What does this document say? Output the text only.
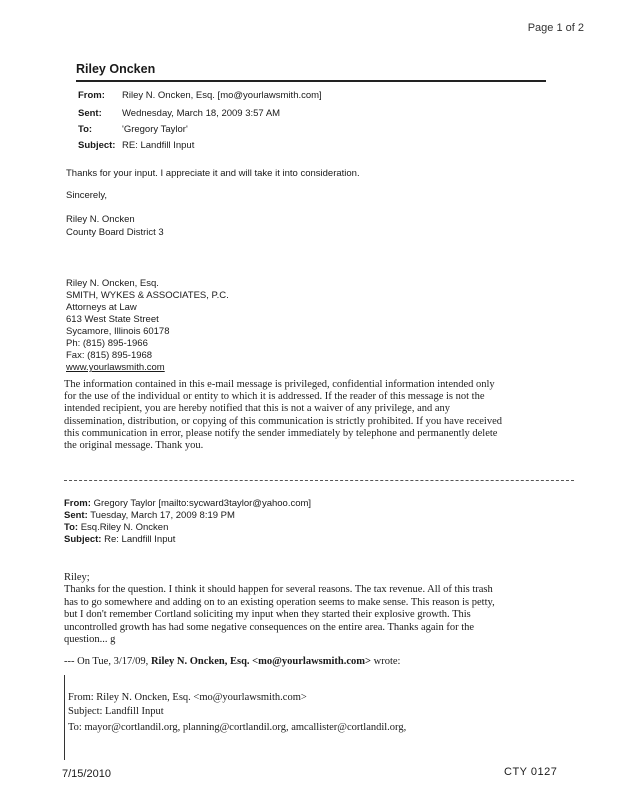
Page 1 of 2
Riley Oncken
From: Riley N. Oncken, Esq. [mo@yourlawsmith.com]
Sent: Wednesday, March 18, 2009 3:57 AM
To:	'Gregory Taylor'
Subject: RE: Landfill Input
Thanks for your input. I appreciate it and will take it into consideration.
Sincerely,
Riley N. Oncken
County Board District 3
Riley N. Oncken, Esq.
SMITH, WYKES & ASSOCIATES, P.C.
Attorneys at Law
613 West State Street
Sycamore, Illinois 60178
Ph: (815) 895-1966
Fax: (815) 895-1968
www.yourlawsmith.com
The information contained in this e-mail message is privileged, confidential information intended only
for the use of the individual or entity to which it is addressed. If the reader of this message is not the
intended recipient, you are hereby notified that this is not a waiver of any privilege, and any
dissemination, distribution, or copying of this communication is strictly prohibited. If you have received
this communication in error, please notify the sender immediately by telephone and permanently delete
the original message. Thank you.
From: Gregory Taylor [mailto:sycward3taylor@yahoo.com]
Sent: Tuesday, March 17, 2009 8:19 PM
To: Esq.Riley N. Oncken
Subject: Re: Landfill Input
Riley;
Thanks for the question. I think it should happen for several reasons. The tax revenue. All of this trash
has to go somewhere and adding on to an existing operation seems to make sense. This reason is petty,
but I don't remember Cortland soliciting my input when they started their explosive growth. This
uncontrolled growth has had some negative consequences on the entire area. Thanks again for the
question... g
--- On Tue, 3/17/09, Riley N. Oncken, Esq. <mo@yourlawsmith.com> wrote:
From: Riley N. Oncken, Esq. <mo@yourlawsmith.com>
Subject: Landfill Input
To: mayor@cortlandil.org, planning@cortlandil.org, amcallister@cortlandil.org,
7/15/2010	CTY 0127
